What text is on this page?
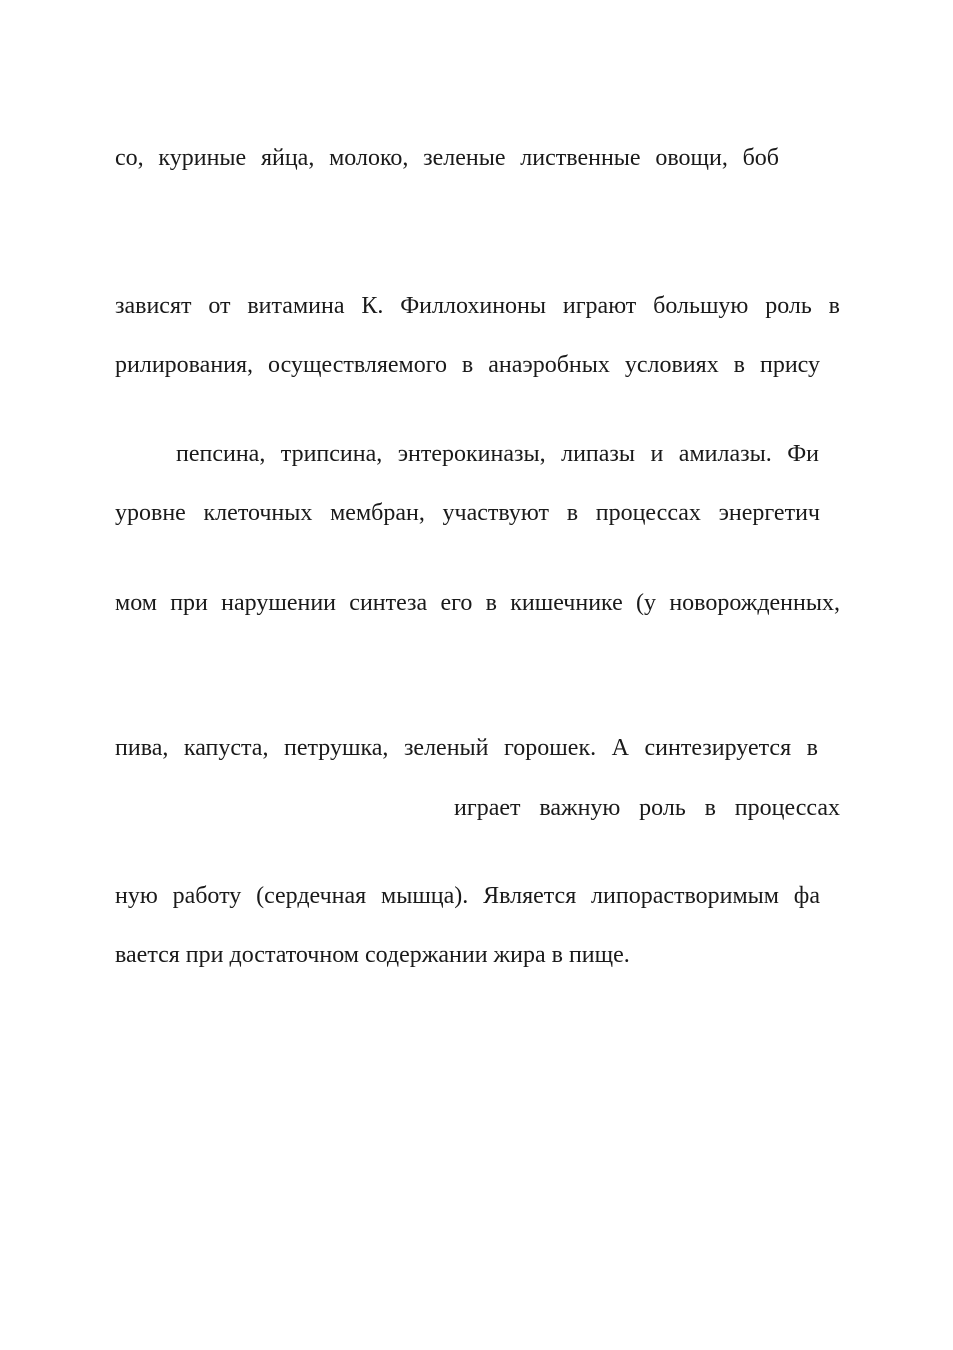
со, куриные яйца, молоко, зеленые лиственные овощи, боб
зависят от витамина К. Филлохиноны играют большую роль в
рилирования, осуществляемого в анаэробных условиях в прису
пепсина, трипсина, энтерокиназы, липазы и амилазы. Фи
уровне клеточных мембран, участвуют в процессах энергетич
мом при нарушении синтеза его в кишечнике (у новорожденных,
пива, капуста, петрушка, зеленый горошек. А синтезируется в
играет важную роль в процессах
ную работу (сердечная мышца). Является липорастворимым фа
вается при достаточном содержании жира в пище.
